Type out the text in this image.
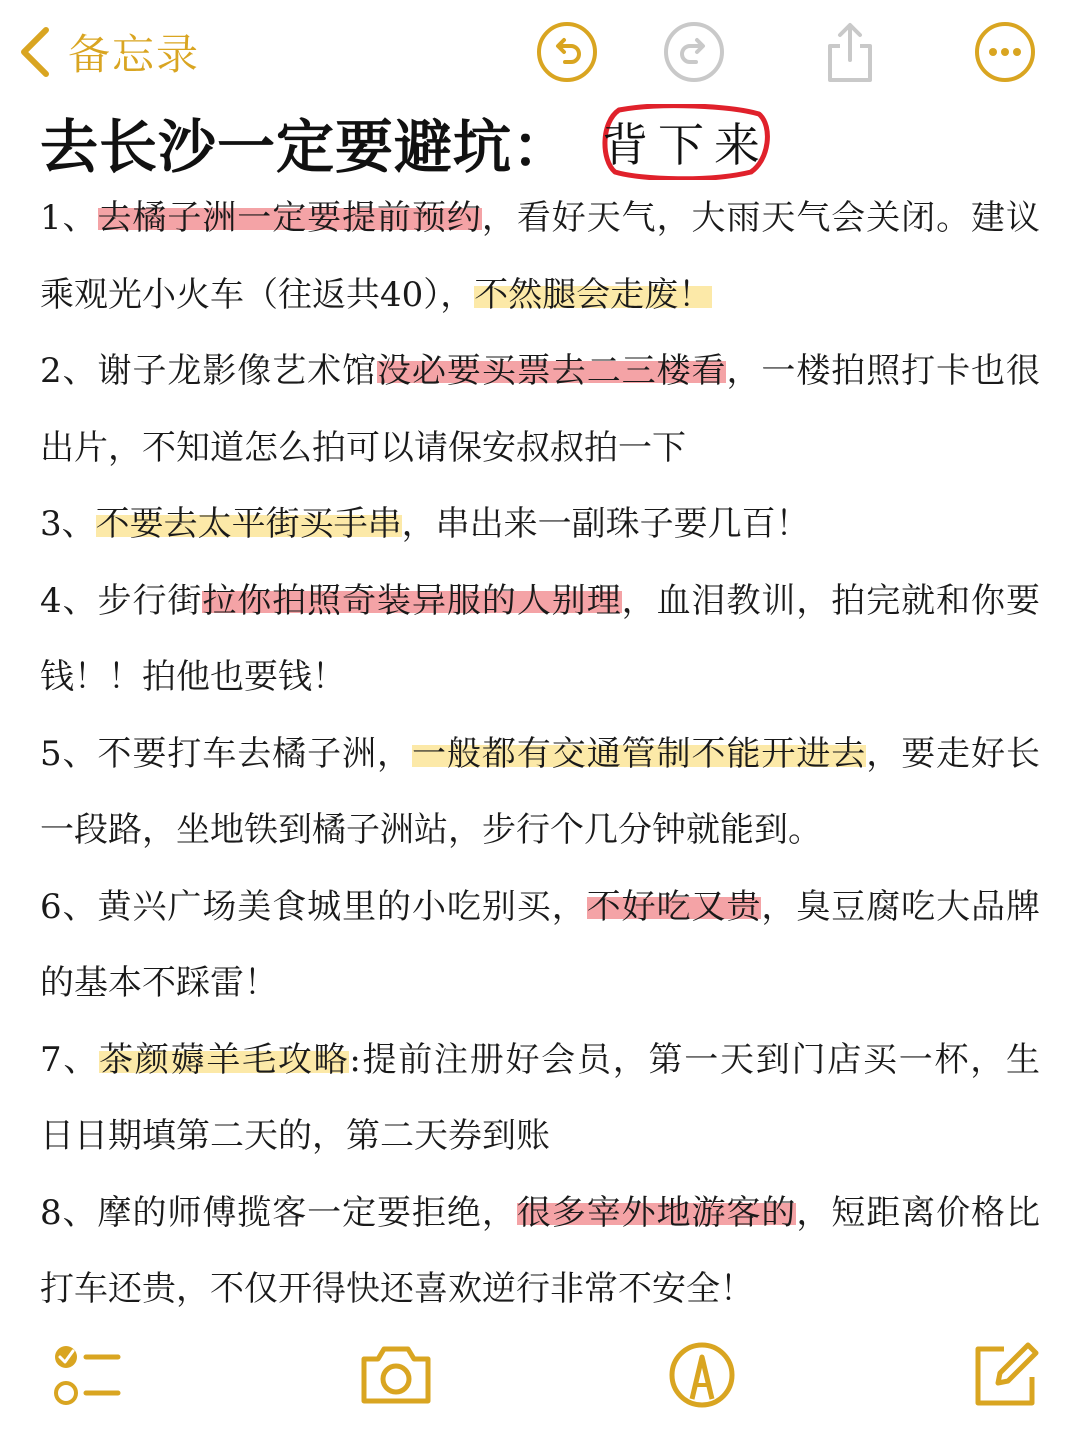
备忘录
去长沙一定要避坑： 背下来
1、去橘子洲一定要提前预约，看好天气，大雨天气会关闭。建议
乘观光小火车（往返共40），不然腿会走废！
2、谢子龙影像艺术馆没必要买票去二三楼看，一楼拍照打卡也很
出片，不知道怎么拍可以请保安叔叔拍一下
3、不要去太平街买手串，串出来一副珠子要几百！
4、步行街拉你拍照奇装异服的人别理，血泪教训，拍完就和你要
钱！！拍他也要钱！
5、不要打车去橘子洲，一般都有交通管制不能开进去，要走好长
一段路，坐地铁到橘子洲站，步行个几分钟就能到。
6、黄兴广场美食城里的小吃别买，不好吃又贵，臭豆腐吃大品牌
的基本不踩雷！
7、茶颜薅羊毛攻略:提前注册好会员，第一天到门店买一杯，生
日日期填第二天的，第二天券到账
8、摩的师傅揽客一定要拒绝，很多宰外地游客的，短距离价格比
打车还贵，不仅开得快还喜欢逆行非常不安全！
